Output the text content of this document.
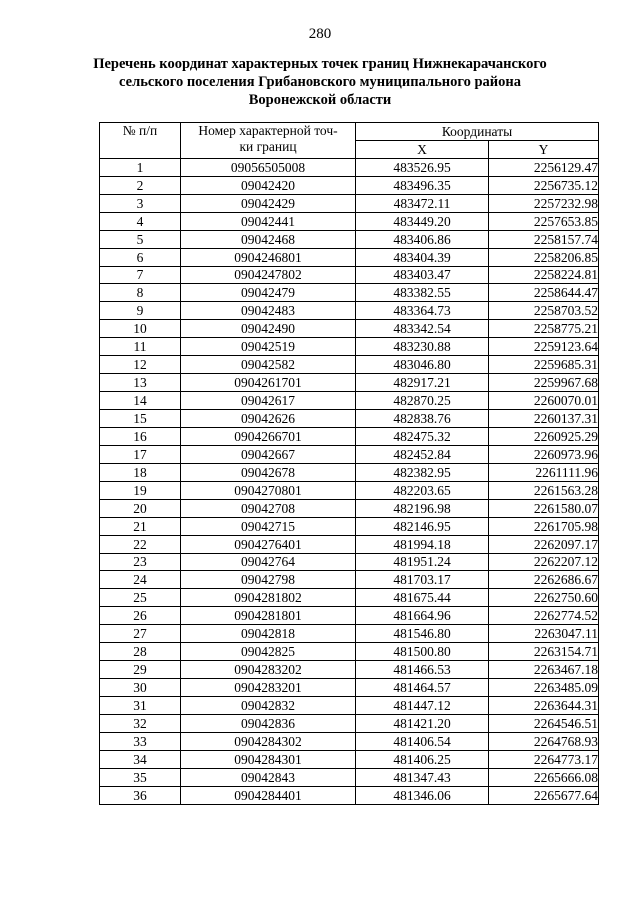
280
Перечень координат характерных точек границ Нижнекарачанского
сельского поселения Грибановского муниципального района
Воронежской области
№ п/п	Номер характерной точ-
ки границ	Координаты	
		X	Y
1	09056505008	483526.95	2256129.47
2	09042420	483496.35	2256735.12
3	09042429	483472.11	2257232.98
4	09042441	483449.20	2257653.85
5	09042468	483406.86	2258157.74
6	0904246801	483404.39	2258206.85
7	0904247802	483403.47	2258224.81
8	09042479	483382.55	2258644.47
9	09042483	483364.73	2258703.52
10	09042490	483342.54	2258775.21
11	09042519	483230.88	2259123.64
12	09042582	483046.80	2259685.31
13	0904261701	482917.21	2259967.68
14	09042617	482870.25	2260070.01
15	09042626	482838.76	2260137.31
16	0904266701	482475.32	2260925.29
17	09042667	482452.84	2260973.96
18	09042678	482382.95	2261111.96
19	0904270801	482203.65	2261563.28
20	09042708	482196.98	2261580.07
21	09042715	482146.95	2261705.98
22	0904276401	481994.18	2262097.17
23	09042764	481951.24	2262207.12
24	09042798	481703.17	2262686.67
25	0904281802	481675.44	2262750.60
26	0904281801	481664.96	2262774.52
27	09042818	481546.80	2263047.11
28	09042825	481500.80	2263154.71
29	0904283202	481466.53	2263467.18
30	0904283201	481464.57	2263485.09
31	09042832	481447.12	2263644.31
32	09042836	481421.20	2264546.51
33	0904284302	481406.54	2264768.93
34	0904284301	481406.25	2264773.17
35	09042843	481347.43	2265666.08
36	0904284401	481346.06	2265677.64
